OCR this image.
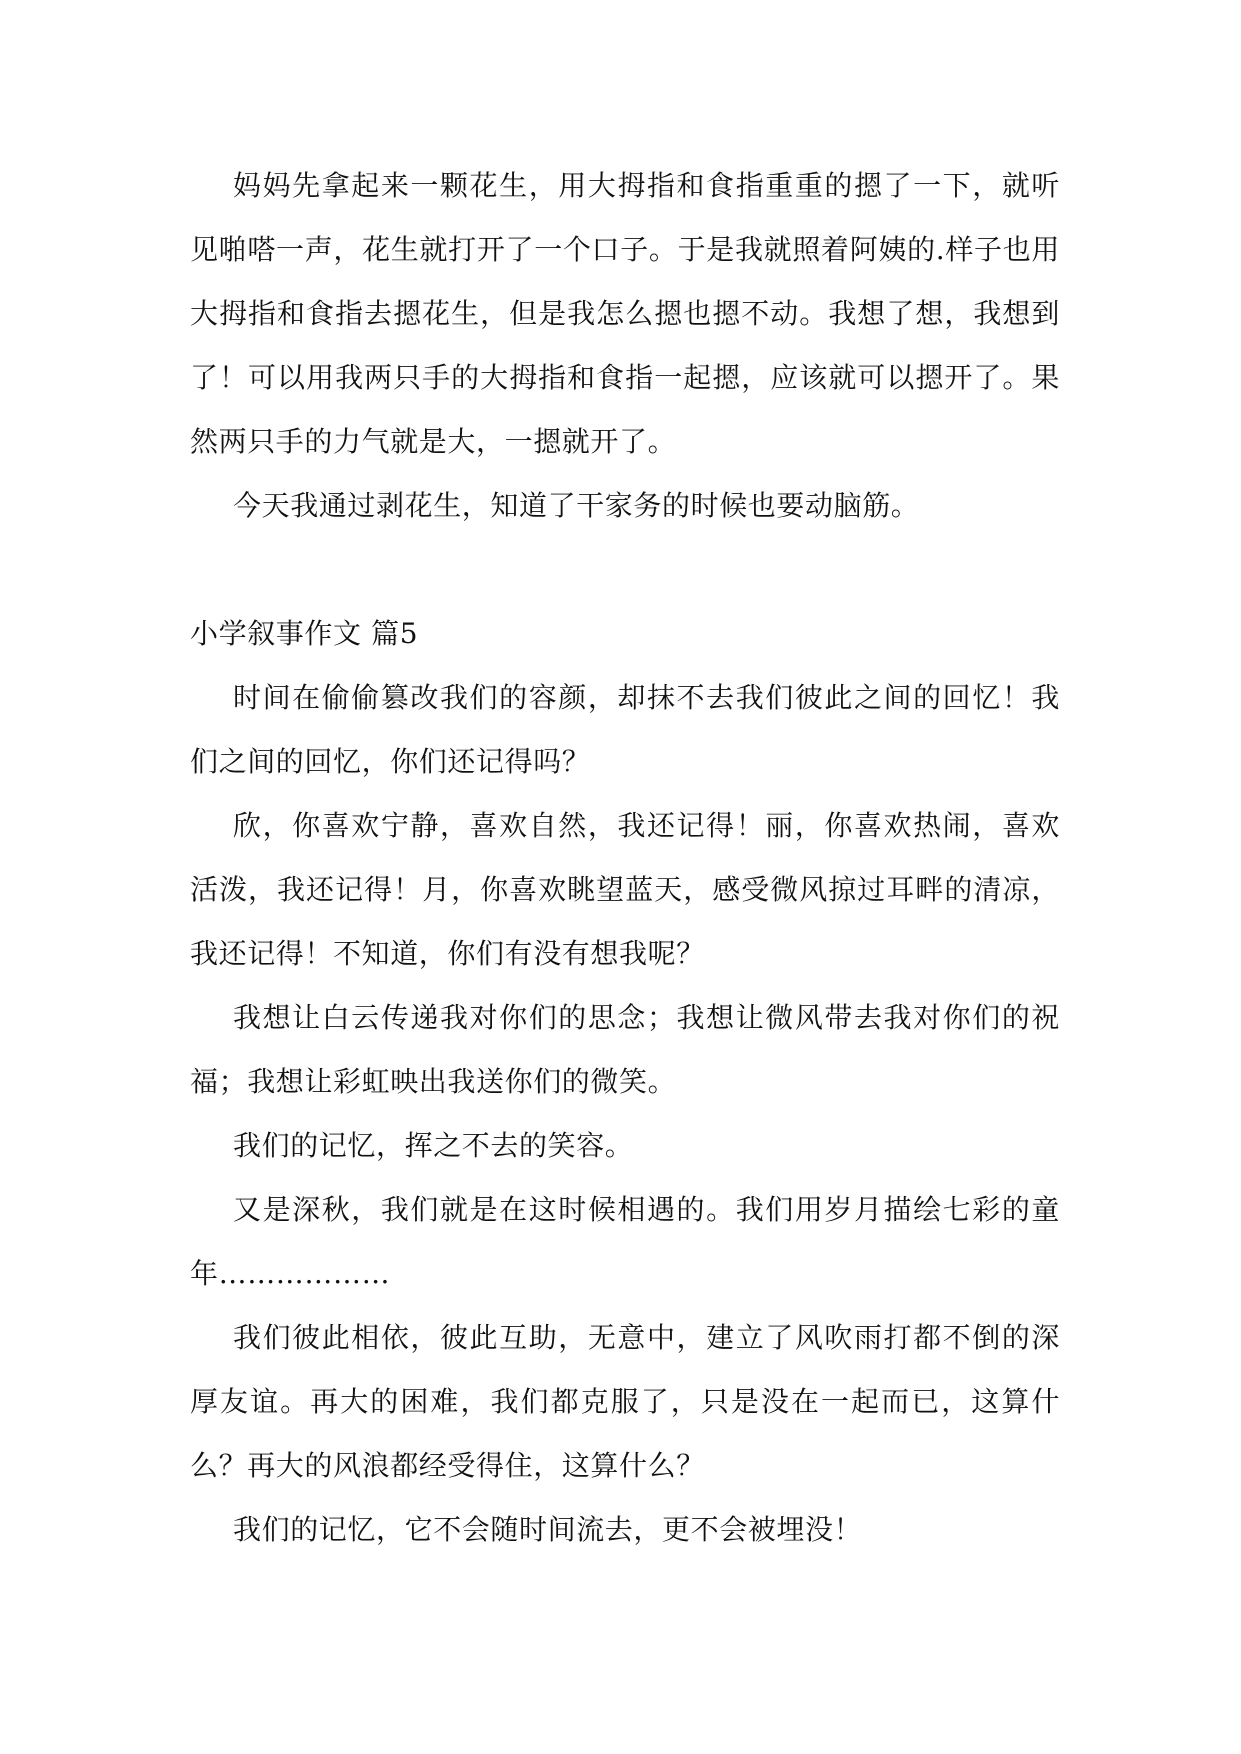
妈妈先拿起来一颗花生，用大拇指和食指重重的摁了一下，就听见啪嗒一声，花生就打开了一个口子。于是我就照着阿姨的.样子也用大拇指和食指去摁花生，但是我怎么摁也摁不动。我想了想，我想到了！可以用我两只手的大拇指和食指一起摁，应该就可以摁开了。果然两只手的力气就是大，一摁就开了。

今天我通过剥花生，知道了干家务的时候也要动脑筋。

小学叙事作文 篇5

时间在偷偷篡改我们的容颜，却抹不去我们彼此之间的回忆！我们之间的回忆，你们还记得吗？

欣，你喜欢宁静，喜欢自然，我还记得！丽，你喜欢热闹，喜欢活泼，我还记得！月，你喜欢眺望蓝天，感受微风掠过耳畔的清凉，我还记得！不知道，你们有没有想我呢？

我想让白云传递我对你们的思念；我想让微风带去我对你们的祝福；我想让彩虹映出我送你们的微笑。

我们的记忆，挥之不去的笑容。

又是深秋，我们就是在这时候相遇的。我们用岁月描绘七彩的童年………………

我们彼此相依，彼此互助，无意中，建立了风吹雨打都不倒的深厚友谊。再大的困难，我们都克服了，只是没在一起而已，这算什么？再大的风浪都经受得住，这算什么？

我们的记忆，它不会随时间流去，更不会被埋没！
